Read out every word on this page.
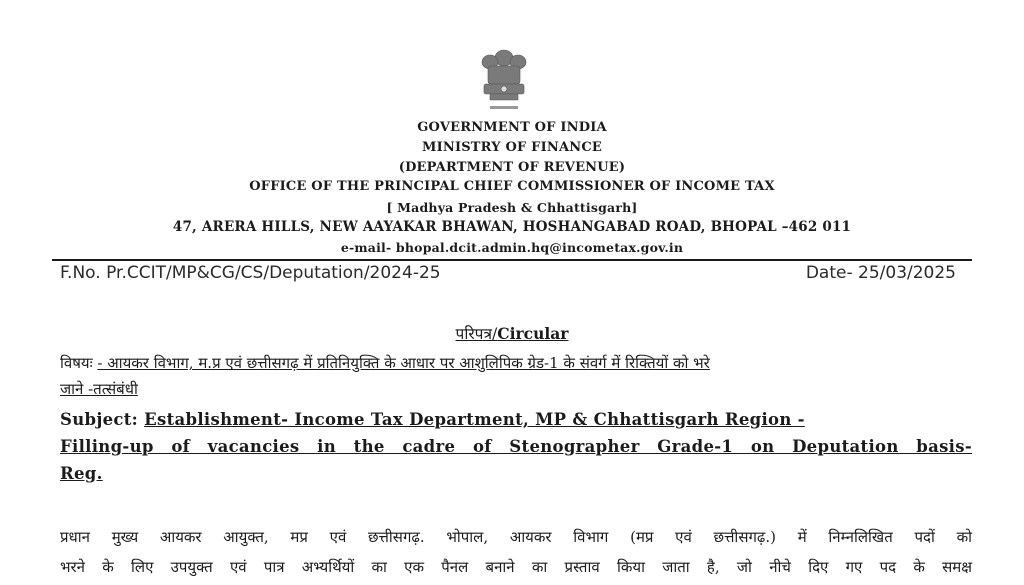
GOVERNMENT OF INDIA
MINISTRY OF FINANCE
(DEPARTMENT OF REVENUE)
OFFICE OF THE PRINCIPAL CHIEF COMMISSIONER OF INCOME TAX
[ Madhya Pradesh & Chhattisgarh]
47, ARERA HILLS, NEW AAYAKAR BHAWAN, HOSHANGABAD ROAD, BHOPAL –462 011
e-mail- bhopal.dcit.admin.hq@incometax.gov.in
F.No. Pr.CCIT/MP&CG/CS/Deputation/2024-25	Date- 25/03/2025
परिपत्र/Circular
विषयः - आयकर विभाग, म.प्र एवं छत्तीसगढ़ में प्रतिनियुक्ति के आधार पर आशुलिपिक ग्रेड-1 के संवर्ग में रिक्तियों को भरे
जाने -तत्संबंधी
Subject: Establishment- Income Tax Department, MP & Chhattisgarh Region -
Filling-up of vacancies in the cadre of Stenographer Grade-1 on Deputation basis-
Reg.
प्रधान मुख्य आयकर आयुक्त, मप्र एवं छत्तीसगढ़. भोपाल, आयकर विभाग (मप्र एवं छत्तीसगढ़.) में निम्नलिखित पदों को
भरने के लिए उपयुक्त एवं पात्र अभ्यर्थियों का एक पैनल बनाने का प्रस्ताव किया जाता है, जो नीचे दिए गए पद के समक्ष
